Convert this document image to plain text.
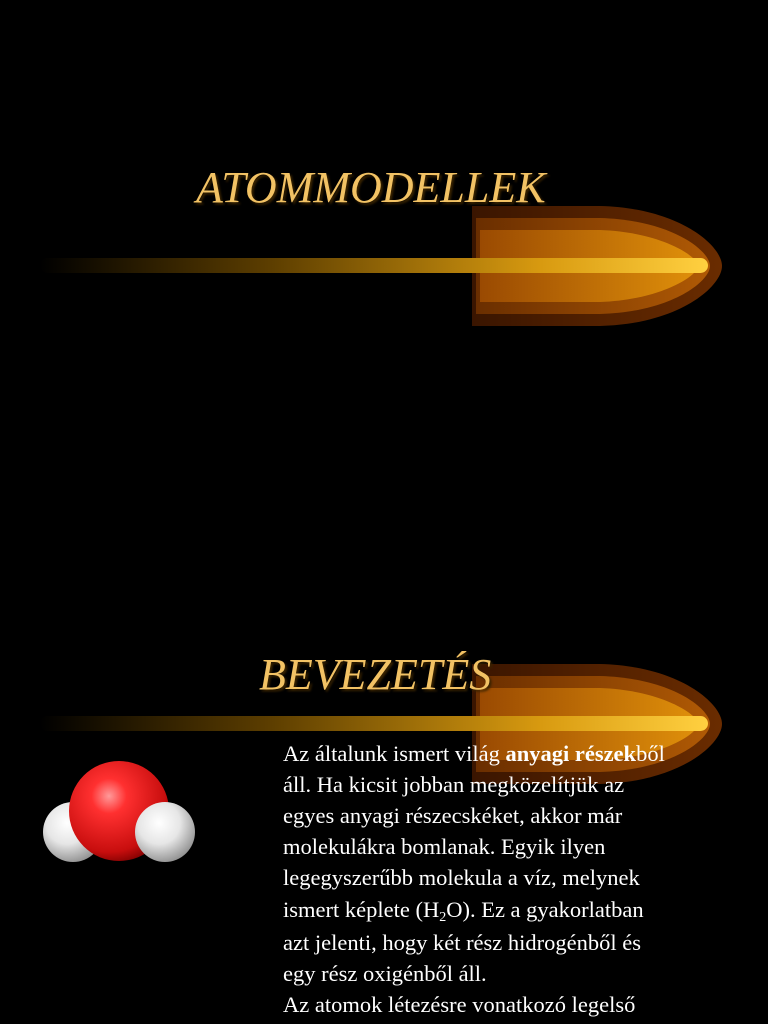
ATOMMODELLEK
BEVEZETÉS

Az általunk ismert világ anyagi részekből
áll. Ha kicsit jobban megközelítjük az
egyes anyagi részecskéket, akkor már
molekulákra bomlanak. Egyik ilyen
legegyszerűbb molekula a víz, melynek

ismert képlete $(H_2O)$. Ez a gyakorlatban
azt jelenti, hogy két rész hidrogénből és
egy rész oxigénből áll.
Az atomok létezésre vonatkozó legelső
